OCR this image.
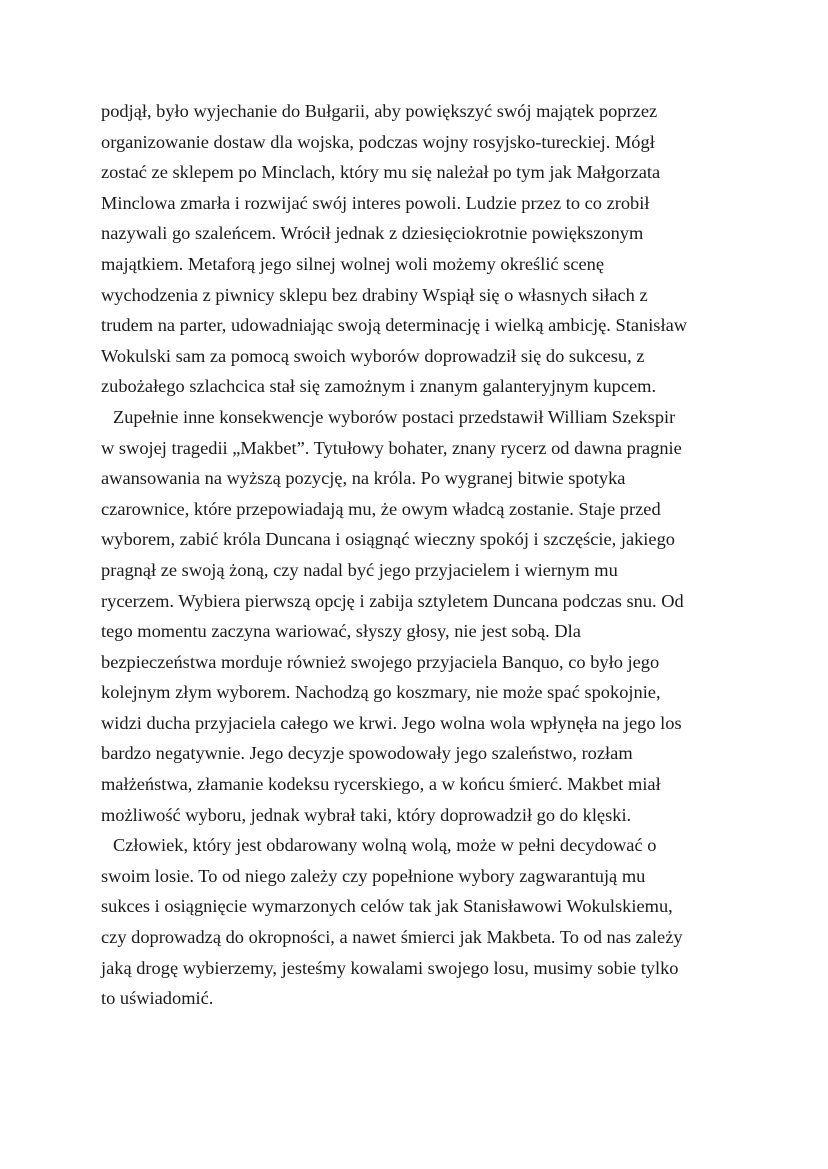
podjął, było wyjechanie do Bułgarii, aby powiększyć swój majątek poprzez
organizowanie dostaw dla wojska, podczas wojny rosyjsko-tureckiej. Mógł
zostać ze sklepem po Minclach, który mu się należał po tym jak Małgorzata
Minclowa zmarła i rozwijać swój interes powoli. Ludzie przez to co zrobił
nazywali go szaleńcem. Wrócił jednak z dziesięciokrotnie powiększonym
majątkiem. Metaforą jego silnej wolnej woli możemy określić scenę
wychodzenia z piwnicy sklepu bez drabiny Wspiął się o własnych siłach z
trudem na parter, udowadniając swoją determinację i wielką ambicję. Stanisław
Wokulski sam za pomocą swoich wyborów doprowadził się do sukcesu, z
zubożałego szlachcica stał się zamożnym i znanym galanteryjnym kupcem.
Zupełnie inne konsekwencje wyborów postaci przedstawił William Szekspir
w swojej tragedii „Makbet”. Tytułowy bohater, znany rycerz od dawna pragnie
awansowania na wyższą pozycję, na króla. Po wygranej bitwie spotyka
czarownice, które przepowiadają mu, że owym władcą zostanie. Staje przed
wyborem, zabić króla Duncana i osiągnąć wieczny spokój i szczęście, jakiego
pragnął ze swoją żoną, czy nadal być jego przyjacielem i wiernym mu
rycerzem. Wybiera pierwszą opcję i zabija sztyletem Duncana podczas snu. Od
tego momentu zaczyna wariować, słyszy głosy, nie jest sobą. Dla
bezpieczeństwa morduje również swojego przyjaciela Banquo, co było jego
kolejnym złym wyborem. Nachodzą go koszmary, nie może spać spokojnie,
widzi ducha przyjaciela całego we krwi. Jego wolna wola wpłynęła na jego los
bardzo negatywnie. Jego decyzje spowodowały jego szaleństwo, rozłam
małżeństwa, złamanie kodeksu rycerskiego, a w końcu śmierć. Makbet miał
możliwość wyboru, jednak wybrał taki, który doprowadził go do klęski.
Człowiek, który jest obdarowany wolną wolą, może w pełni decydować o
swoim losie. To od niego zależy czy popełnione wybory zagwarantują mu
sukces i osiągnięcie wymarzonych celów tak jak Stanisławowi Wokulskiemu,
czy doprowadzą do okropności, a nawet śmierci jak Makbeta. To od nas zależy
jaką drogę wybierzemy, jesteśmy kowalami swojego losu, musimy sobie tylko
to uświadomić.
